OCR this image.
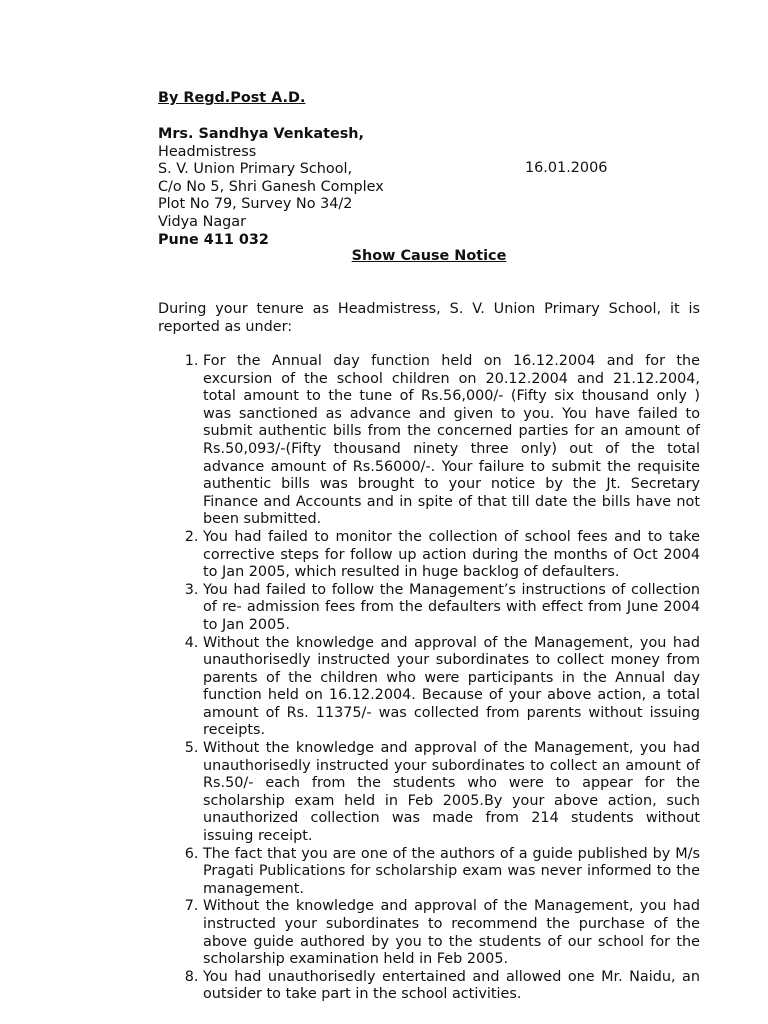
By Regd.Post A.D.
Mrs. Sandhya Venkatesh,
Headmistress
S. V. Union Primary School,
C/o No 5, Shri Ganesh Complex
Plot No 79, Survey No 34/2
Vidya Nagar
Pune 411 032
16.01.2006
Show Cause Notice
During your tenure as Headmistress, S. V. Union Primary School, it is reported as under:
1. For the Annual day function held on 16.12.2004 and for the excursion of the school children on 20.12.2004 and 21.12.2004, total amount to the tune of Rs.56,000/- (Fifty six thousand only ) was sanctioned as advance and given to you. You have failed to submit authentic bills from the concerned parties for an amount of Rs.50,093/-(Fifty thousand ninety three only) out of the total advance amount of Rs.56000/-. Your failure to submit the requisite authentic bills was brought to your notice by the Jt. Secretary Finance and Accounts and in spite of that till date the bills have not been submitted.
2. You had failed to monitor the collection of school fees and to take corrective steps for follow up action during the months of Oct 2004 to Jan 2005, which resulted in huge backlog of defaulters.
3. You had failed to follow the Management’s instructions of collection of re- admission fees from the defaulters with effect from June 2004 to Jan 2005.
4. Without the knowledge and approval of the Management, you had unauthorisedly instructed your subordinates to collect money from parents of the children who were participants in the Annual day function held on 16.12.2004. Because of your above action, a total amount of Rs. 11375/- was collected from parents without issuing receipts.
5. Without the knowledge and approval of the Management, you had unauthorisedly instructed your subordinates to collect an amount of Rs.50/- each from the students who were to appear for the scholarship exam held in Feb 2005.By your above action, such unauthorized collection was made from 214 students without issuing receipt.
6. The fact that you are one of the authors of a guide published by M/s Pragati Publications for scholarship exam was never informed to the management.
7. Without the knowledge and approval of the Management, you had instructed your subordinates to recommend the purchase of the above guide authored by you to the students of our school for the scholarship examination held in Feb 2005.
8. You had unauthorisedly entertained and allowed one Mr. Naidu, an outsider to take part in the school activities.
